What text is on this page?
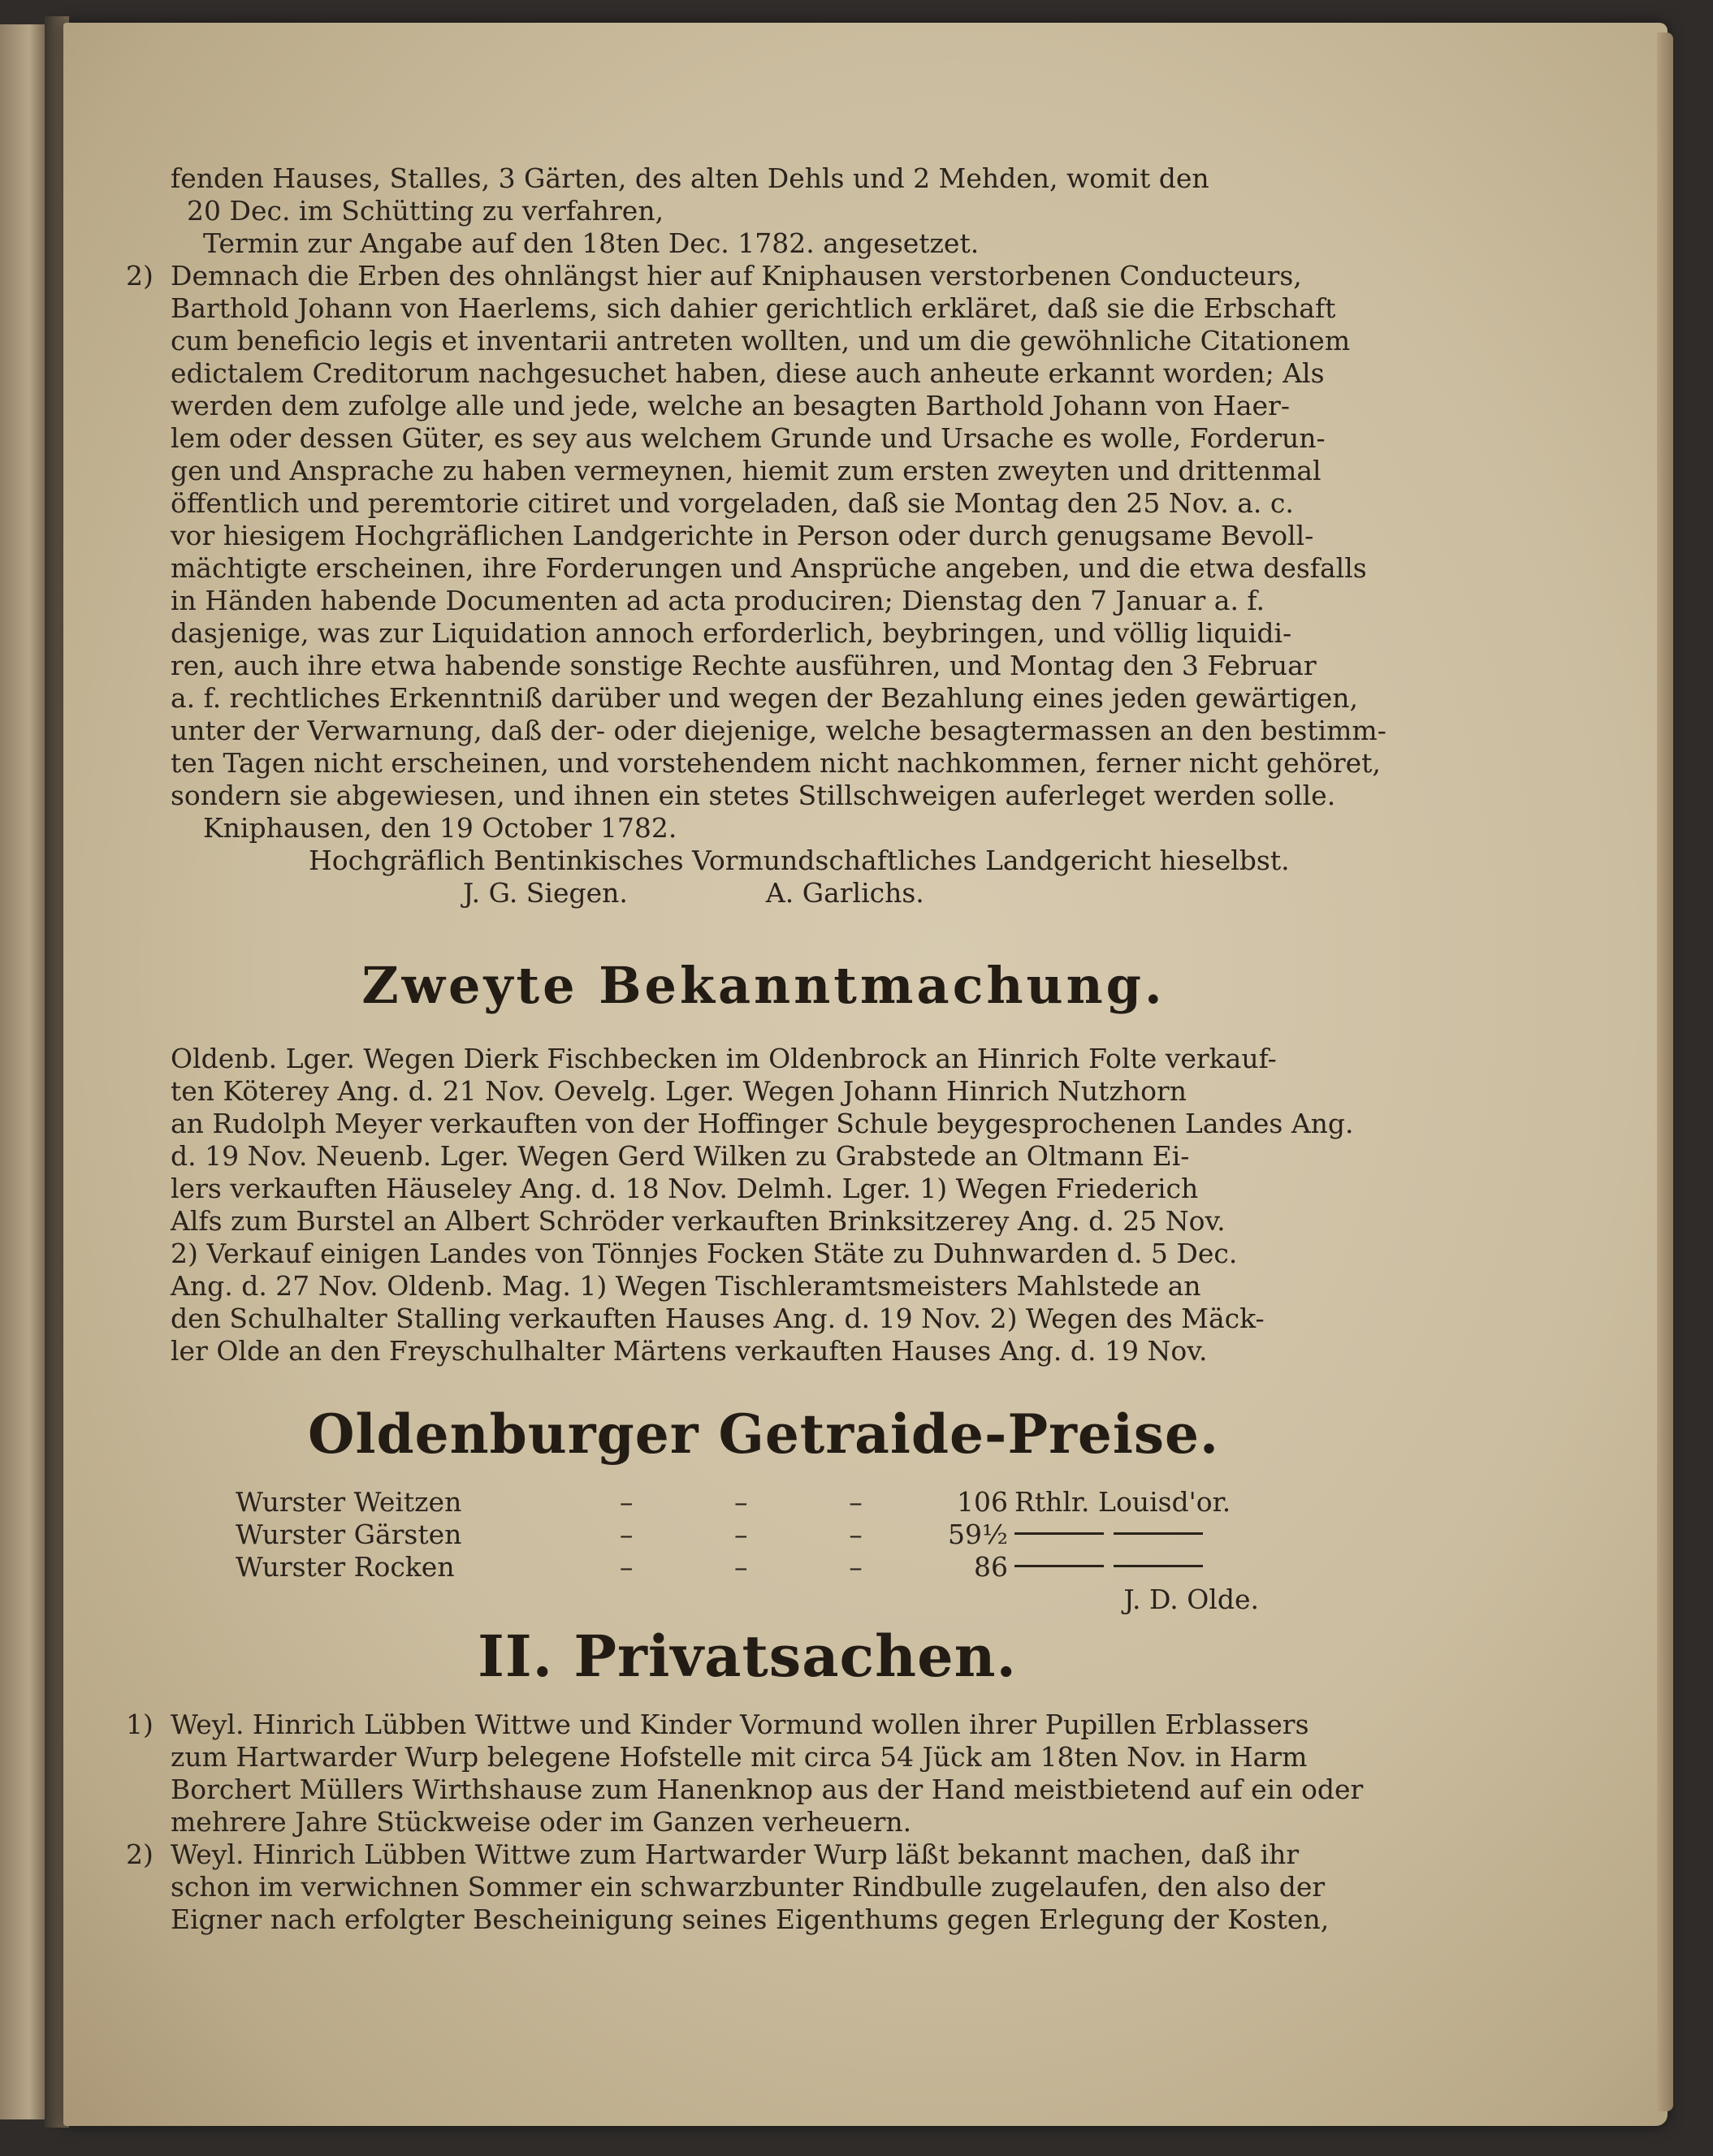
fenden Hauses, Stalles, 3 Gärten, des alten Dehls und 2 Mehden, womit den
20 Dec. im Schütting zu verfahren,
Termin zur Angabe auf den 18ten Dec. 1782. angesetzet.

2) Demnach die Erben des ohnlängst hier auf Kniphausen verstorbenen Conducteurs,
Barthold Johann von Haerlems, sich dahier gerichtlich erkläret, daß sie die Erbschaft
cum beneficio legis et inventarii antreten wollten, und um die gewöhnliche Citationem
edictalem Creditorum nachgesuchet haben, diese auch anheute erkannt worden; Als
werden dem zufolge alle und jede, welche an besagten Barthold Johann von Haer-
lem oder dessen Güter, es sey aus welchem Grunde und Ursache es wolle, Forderun-
gen und Ansprache zu haben vermeynen, hiemit zum ersten zweyten und drittenmal
öffentlich und peremtorie citiret und vorgeladen, daß sie Montag den 25 Nov. a. c.
vor hiesigem Hochgräflichen Landgerichte in Person oder durch genugsame Bevoll-
mächtigte erscheinen, ihre Forderungen und Ansprüche angeben, und die etwa desfalls
in Händen habende Documenten ad acta produciren; Dienstag den 7 Januar a. f.
dasjenige, was zur Liquidation annoch erforderlich, beybringen, und völlig liquidi-
ren, auch ihre etwa habende sonstige Rechte ausführen, und Montag den 3 Februar
a. f. rechtliches Erkenntniß darüber und wegen der Bezahlung eines jeden gewärtigen,
unter der Verwarnung, daß der- oder diejenige, welche besagtermassen an den bestimm-
ten Tagen nicht erscheinen, und vorstehendem nicht nachkommen, ferner nicht gehöret,
sondern sie abgewiesen, und ihnen ein stetes Stillschweigen auferleget werden solle.

Kniphausen, den 19 October 1782.

Hochgräflich Bentinkisches Vormundschaftliches Landgericht hieselbst.

J. G. Siegen.	A. Garlichs.
Zweyte Bekanntmachung.
Oldenb. Lger. Wegen Dierk Fischbecken im Oldenbrock an Hinrich Folte verkauf-
ten Köterey Ang. d. 21 Nov. Oevelg. Lger. Wegen Johann Hinrich Nutzhorn
an Rudolph Meyer verkauften von der Hoffinger Schule beygesprochenen Landes Ang.
d. 19 Nov. Neuenb. Lger. Wegen Gerd Wilken zu Grabstede an Oltmann Ei-
lers verkauften Häuseley Ang. d. 18 Nov. Delmh. Lger. 1) Wegen Friederich
Alfs zum Burstel an Albert Schröder verkauften Brinksitzerey Ang. d. 25 Nov.
2) Verkauf einigen Landes von Tönnjes Focken Stäte zu Duhnwarden d. 5 Dec.
Ang. d. 27 Nov. Oldenb. Mag. 1) Wegen Tischleramtsmeisters Mahlstede an
den Schulhalter Stalling verkauften Hauses Ang. d. 19 Nov. 2) Wegen des Mäck-
ler Olde an den Freyschulhalter Märtens verkauften Hauses Ang. d. 19 Nov.
Oldenburger Getraide-Preise.
Wurster Weitzen	–	–	–	106	Rthlr. Louisd'or.
Wurster Gärsten	–	–	–	59½	
Wurster Rocken	–	–	–	86	

J. D. Olde.

II. Privatsachen.
1) Weyl. Hinrich Lübben Wittwe und Kinder Vormund wollen ihrer Pupillen Erblassers
zum Hartwarder Wurp belegene Hofstelle mit circa 54 Jück am 18ten Nov. in Harm
Borchert Müllers Wirthshause zum Hanenknop aus der Hand meistbietend auf ein oder
mehrere Jahre Stückweise oder im Ganzen verheuern.
2) Weyl. Hinrich Lübben Wittwe zum Hartwarder Wurp läßt bekannt machen, daß ihr
schon im verwichnen Sommer ein schwarzbunter Rindbulle zugelaufen, den also der
Eigner nach erfolgter Bescheinigung seines Eigenthums gegen Erlegung der Kosten,
